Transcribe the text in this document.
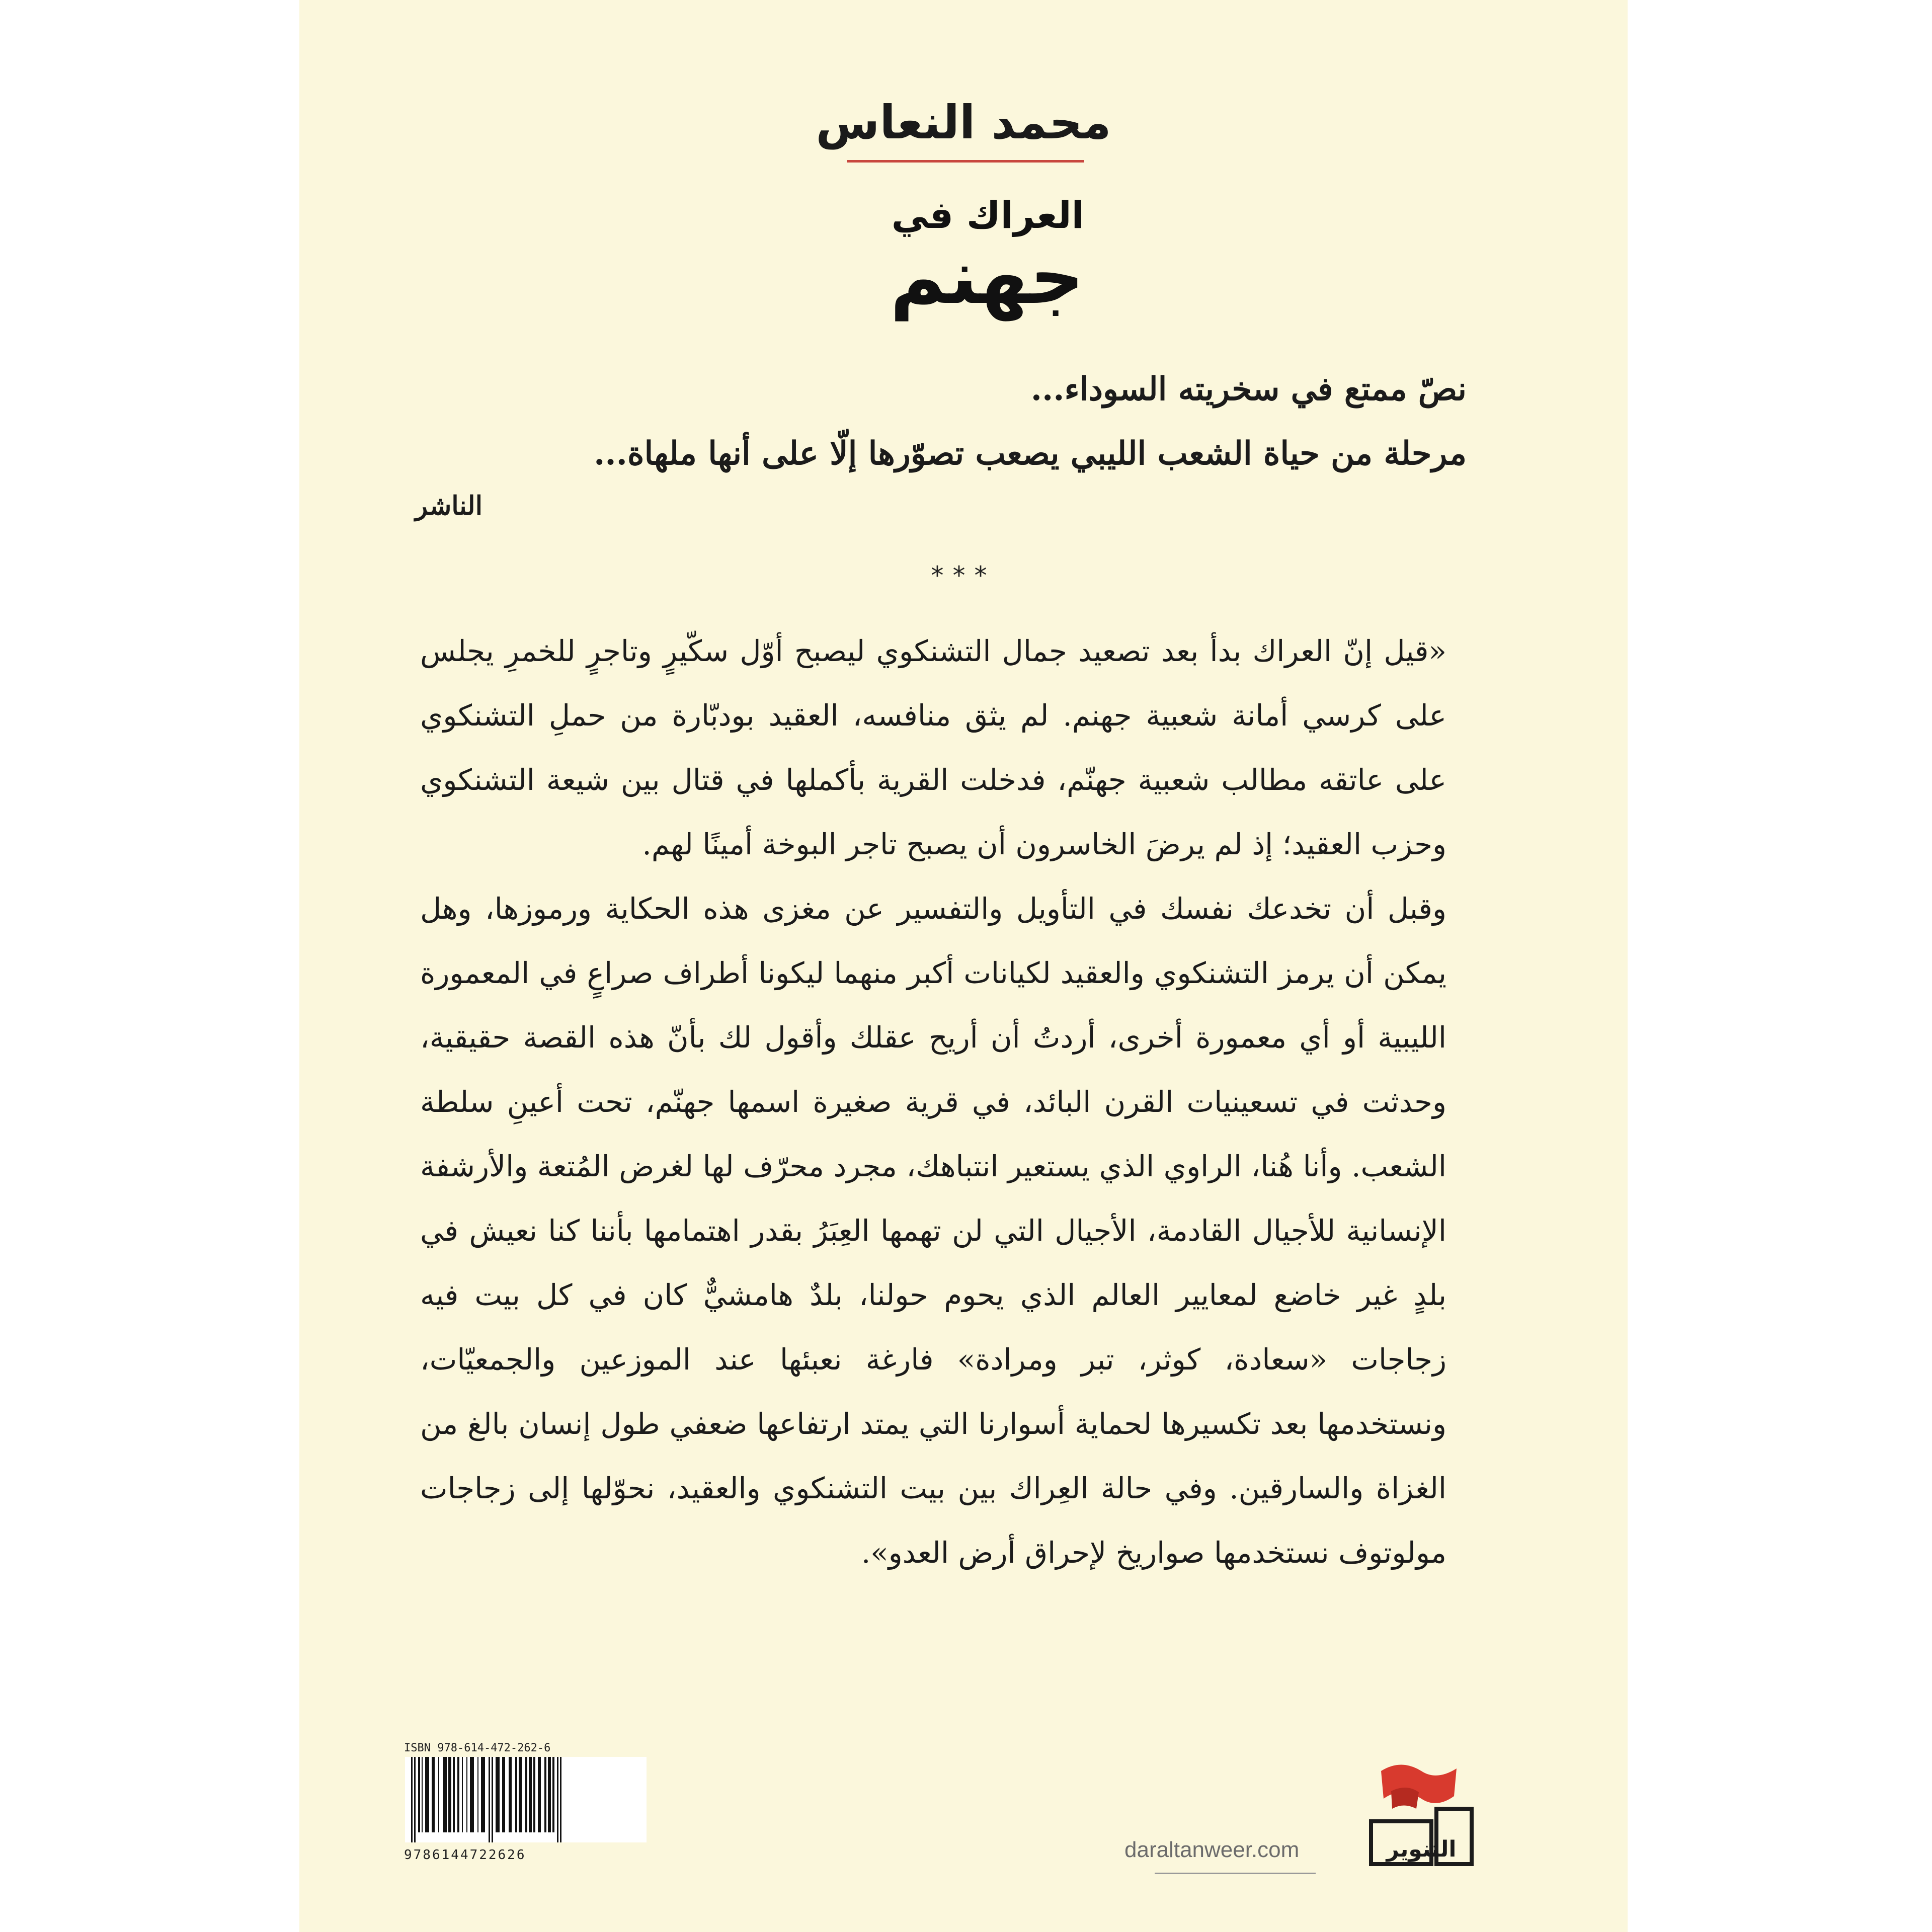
محمد النعاس
العراك في
جهنم

نصّ ممتع في سخريته السوداء...

مرحلة من حياة الشعب الليبي يصعب تصوّرها إلّا على أنها ملهاة...

الناشر
***

«قيل إنّ العراك بدأ بعد تصعيد جمال التشنكوي ليصبح أوّل سكّيرٍ وتاجرٍ للخمرِ يجلس على كرسي أمانة شعبية جهنم. لم يثق منافسه، العقيد بودبّارة من حملِ التشنكوي على عاتقه مطالب شعبية جهنّم، فدخلت القرية بأكملها في قتال بين شيعة التشنكوي وحزب العقيد؛ إذ لم يرضَ الخاسرون أن يصبح تاجر البوخة أمينًا لهم.

وقبل أن تخدعك نفسك في التأويل والتفسير عن مغزى هذه الحكاية ورموزها، وهل يمكن أن يرمز التشنكوي والعقيد لكيانات أكبر منهما ليكونا أطراف صراعٍ في المعمورة الليبية أو أي معمورة أخرى، أردتُ أن أريح عقلك وأقول لك بأنّ هذه القصة حقيقية، وحدثت في تسعينيات القرن البائد، في قرية صغيرة اسمها جهنّم، تحت أعينِ سلطة الشعب. وأنا هُنا، الراوي الذي يستعير انتباهك، مجرد محرّف لها لغرض المُتعة والأرشفة الإنسانية للأجيال القادمة، الأجيال التي لن تهمها العِبَرُ بقدر اهتمامها بأننا كنا نعيش في بلدٍ غير خاضع لمعايير العالم الذي يحوم حولنا، بلدٌ هامشيٌّ كان في كل بيت فيه زجاجات «سعادة، كوثر، تبر ومرادة» فارغة نعبئها عند الموزعين والجمعيّات، ونستخدمها بعد تكسيرها لحماية أسوارنا التي يمتد ارتفاعها ضعفي طول إنسان بالغ من الغزاة والسارقين. وفي حالة العِراك بين بيت التشنكوي والعقيد، نحوّلها إلى زجاجات مولوتوف نستخدمها صواريخ لإحراق أرض العدو».

ISBN 978-614-472-262-6
9786144722626	daraltanweer.com	التنوير
